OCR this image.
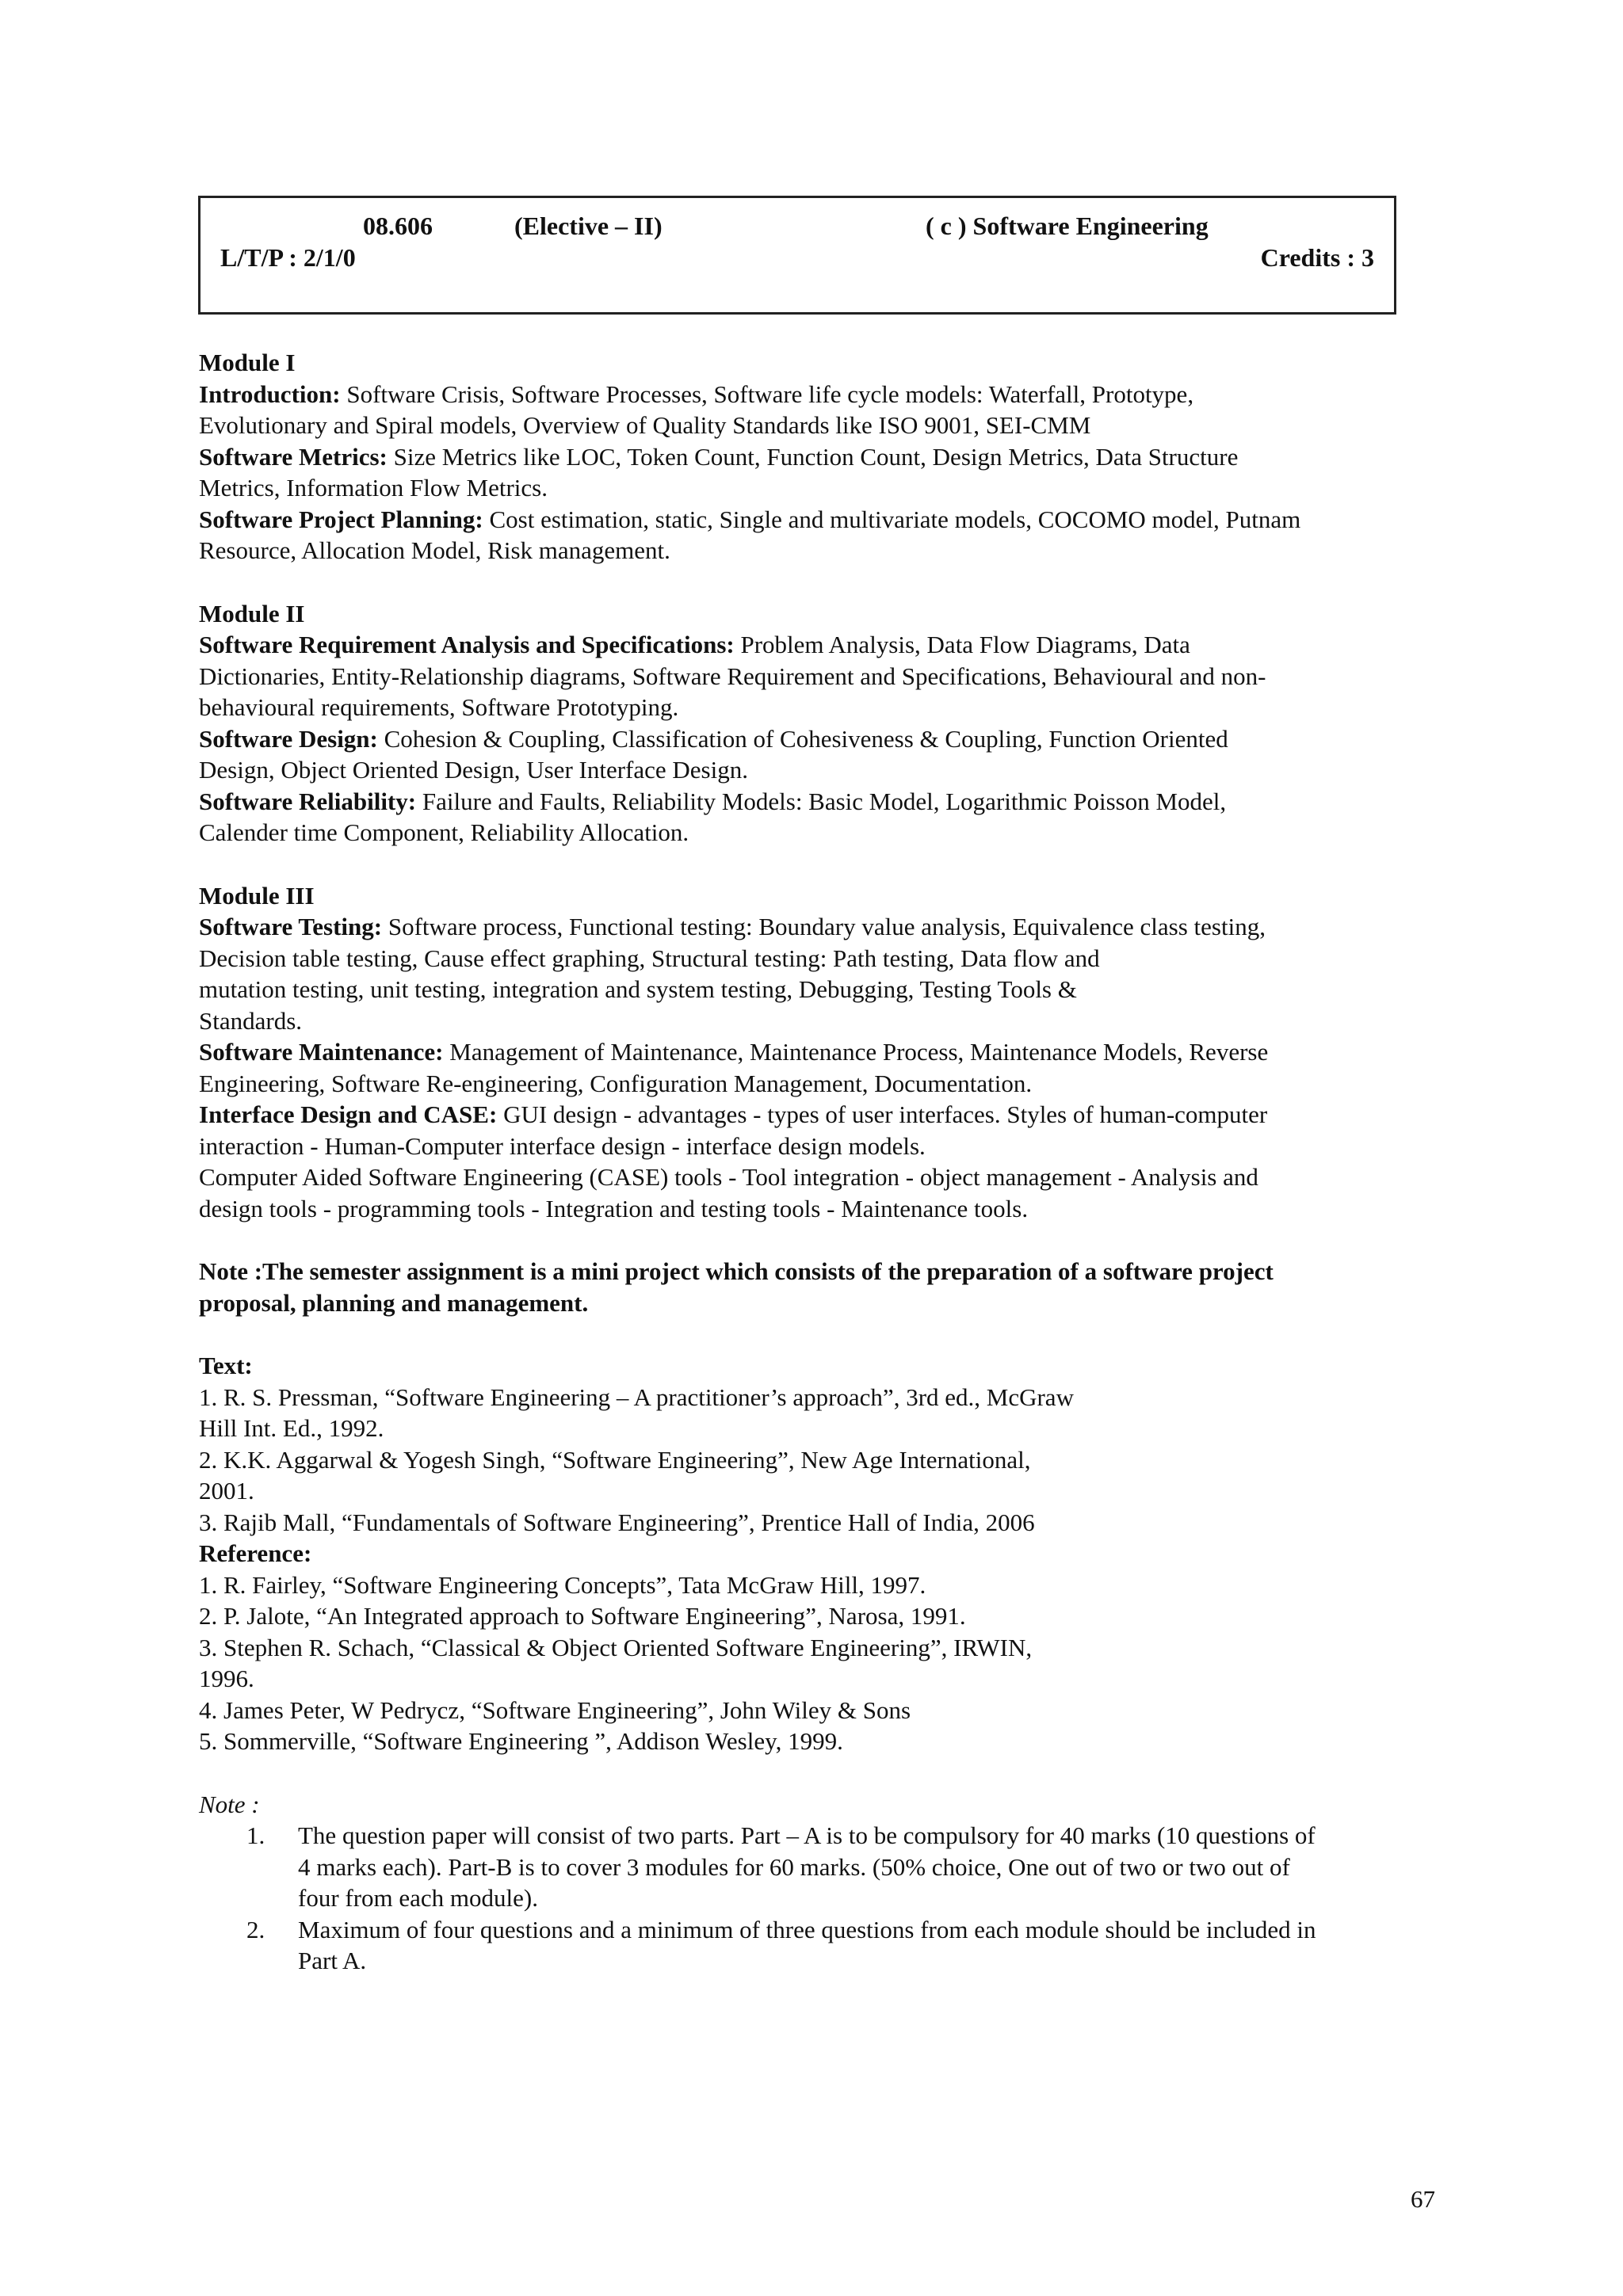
08.606	(Elective – II)	( c ) Software Engineering
L/T/P : 2/1/0	Credits : 3
Module I
Introduction: Software Crisis, Software Processes, Software life cycle models: Waterfall, Prototype,
Evolutionary and Spiral models, Overview of Quality Standards like ISO 9001, SEI-CMM
Software Metrics: Size Metrics like LOC, Token Count, Function Count, Design Metrics, Data Structure
Metrics, Information Flow Metrics.
Software Project Planning: Cost estimation, static, Single and multivariate models, COCOMO model, Putnam
Resource, Allocation Model, Risk management.
Module II
Software Requirement Analysis and Specifications: Problem Analysis, Data Flow Diagrams, Data
Dictionaries, Entity-Relationship diagrams, Software Requirement and Specifications, Behavioural and non-
behavioural requirements, Software Prototyping.
Software Design: Cohesion & Coupling, Classification of Cohesiveness & Coupling, Function Oriented
Design, Object Oriented Design, User Interface Design.
Software Reliability: Failure and Faults, Reliability Models: Basic Model, Logarithmic Poisson Model,
Calender time Component, Reliability Allocation.
Module III
Software Testing: Software process, Functional testing: Boundary value analysis, Equivalence class testing,
Decision table testing, Cause effect graphing, Structural testing: Path testing, Data flow and
mutation testing, unit testing, integration and system testing, Debugging, Testing Tools &
Standards.
Software Maintenance: Management of Maintenance, Maintenance Process, Maintenance Models, Reverse
Engineering, Software Re-engineering, Configuration Management, Documentation.
Interface Design and CASE: GUI design - advantages - types of user interfaces. Styles of human-computer
interaction - Human-Computer interface design - interface design models.
Computer Aided Software Engineering (CASE) tools - Tool integration - object management - Analysis and
design tools - programming tools - Integration and testing tools - Maintenance tools.
Note :The semester assignment is a mini project which consists of the preparation of a software project
proposal, planning and management.
Text:
1. R. S. Pressman, “Software Engineering – A practitioner’s approach”, 3rd ed., McGraw
Hill Int. Ed., 1992.
2. K.K. Aggarwal & Yogesh Singh, “Software Engineering”, New Age International,
2001.
3. Rajib Mall, “Fundamentals of Software Engineering”, Prentice Hall of India, 2006
Reference:
1. R. Fairley, “Software Engineering Concepts”, Tata McGraw Hill, 1997.
2. P. Jalote, “An Integrated approach to Software Engineering”, Narosa, 1991.
3. Stephen R. Schach, “Classical & Object Oriented Software Engineering”, IRWIN,
1996.
4. James Peter, W Pedrycz, “Software Engineering”, John Wiley & Sons
5. Sommerville, “Software Engineering ”, Addison Wesley, 1999.
Note :
1. The question paper will consist of two parts. Part – A is to be compulsory for 40 marks (10 questions of
4 marks each). Part-B is to cover 3 modules for 60 marks. (50% choice, One out of two or two out of
four from each module).
2. Maximum of four questions and a minimum of three questions from each module should be included in
Part A.
67
